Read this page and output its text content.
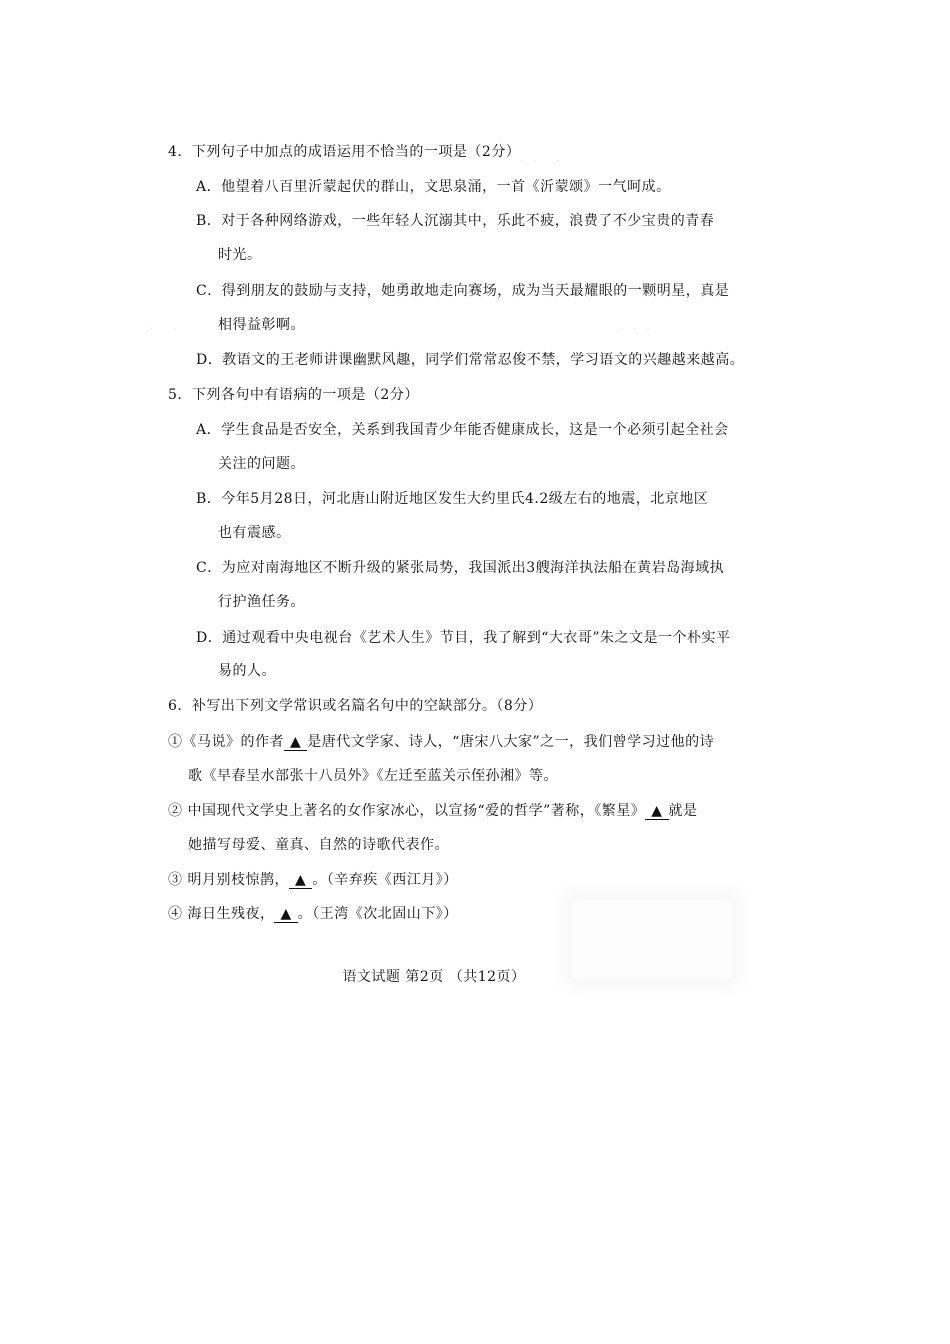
·　·　　·
·　　·	·　·　·
4．下列句子中加点的成语运用不恰当的一项是（2分）
A．他望着八百里沂蒙起伏的群山，文思泉涌，一首《沂蒙颂》一气呵成。
B．对于各种网络游戏，一些年轻人沉溺其中，乐此不疲，浪费了不少宝贵的青春
时光。
C．得到朋友的鼓励与支持，她勇敢地走向赛场，成为当天最耀眼的一颗明星，真是
相得益彰啊。
D．教语文的王老师讲课幽默风趣，同学们常常忍俊不禁，学习语文的兴趣越来越高。
5．下列各句中有语病的一项是（2分）
A．学生食品是否安全，关系到我国青少年能否健康成长，这是一个必须引起全社会
关注的问题。
B．今年5月28日，河北唐山附近地区发生大约里氏4.2级左右的地震，北京地区
也有震感。
C．为应对南海地区不断升级的紧张局势，我国派出3艘海洋执法船在黄岩岛海域执
行护渔任务。
D．通过观看中央电视台《艺术人生》节目，我了解到“大衣哥”朱之文是一个朴实平
易的人。
6．补写出下列文学常识或名篇名句中的空缺部分。（8分）
①《马说》的作者 ▲ 是唐代文学家、诗人，“唐宋八大家”之一，我们曾学习过他的诗
歌《早春呈水部张十八员外》《左迁至蓝关示侄孙湘》等。
② 中国现代文学史上著名的女作家冰心，以宣扬“爱的哲学”著称，《繁星》 ▲ 就是
她描写母爱、童真、自然的诗歌代表作。
③ 明月别枝惊鹊， ▲ 。（辛弃疾《西江月》）
④ 海日生残夜， ▲ 。（王湾《次北固山下》）
语文试题 第2页 （共12页）
